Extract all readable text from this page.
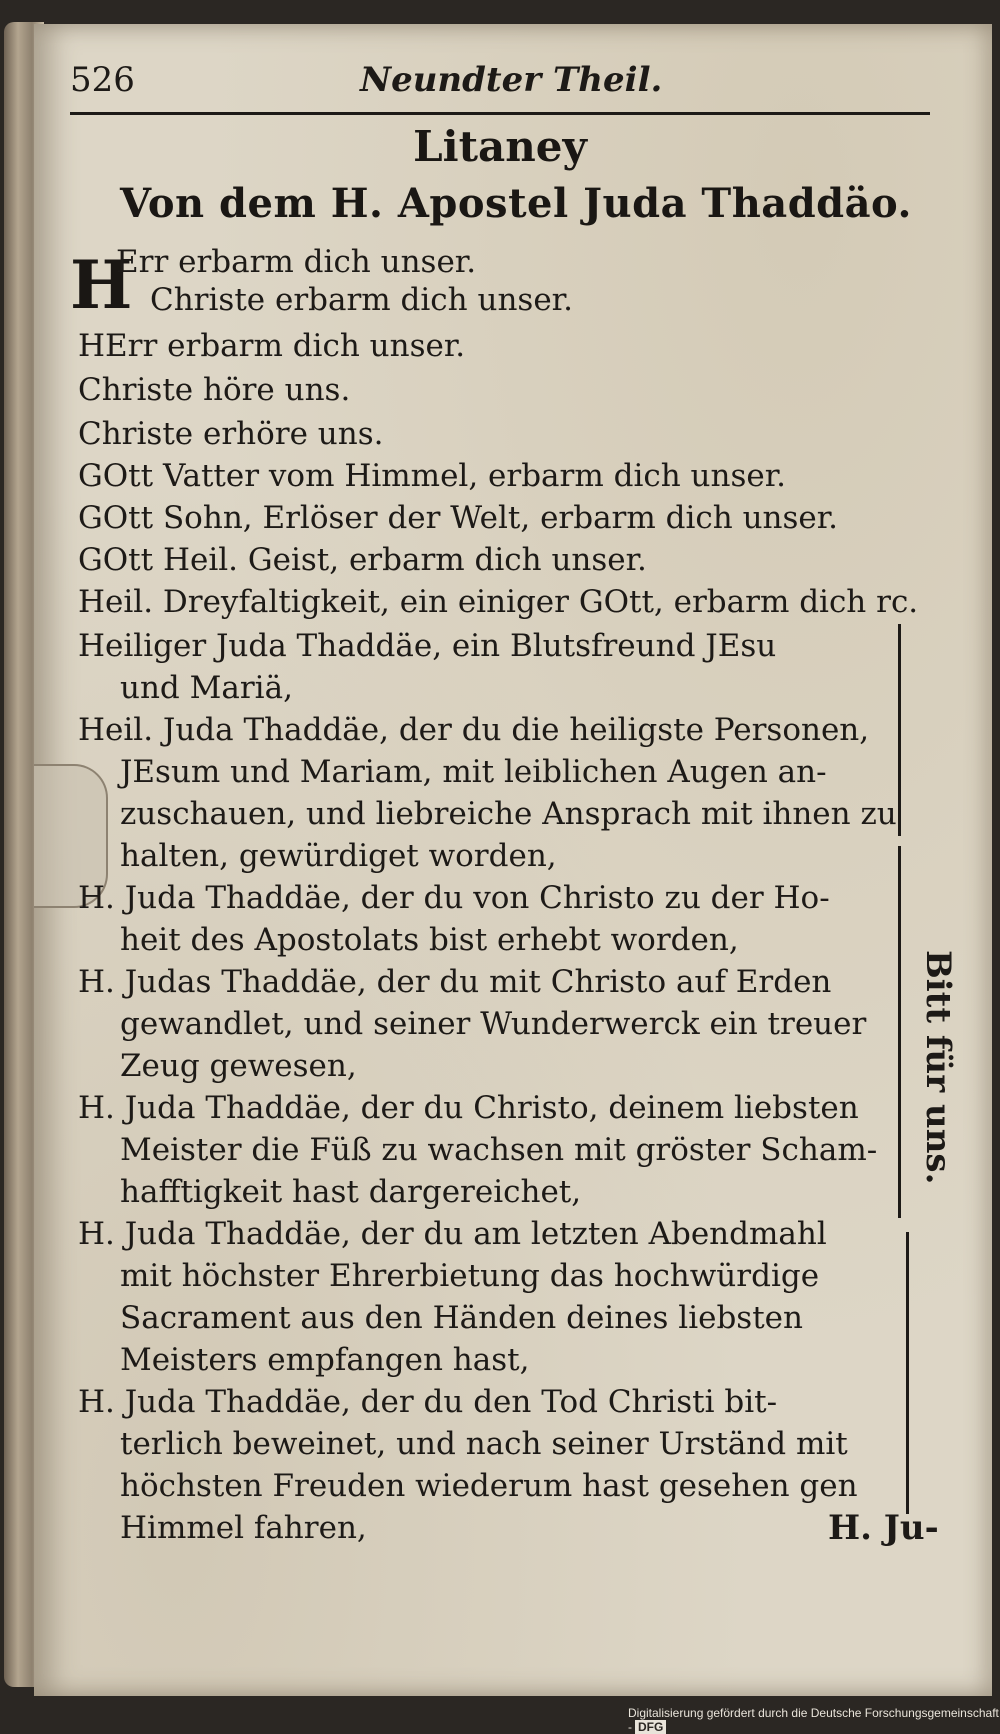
526	Neundter Theil.
Litaney
Von dem H. Apostel Juda Thaddäo.
H
Err erbarm dich unser.
Christe erbarm dich unser.
HErr erbarm dich unser.
Christe höre uns.
Christe erhöre uns.
GOtt Vatter vom Himmel, erbarm dich unser.
GOtt Sohn, Erlöser der Welt, erbarm dich unser.
GOtt Heil. Geist, erbarm dich unser.
Heil. Dreyfaltigkeit, ein einiger GOtt, erbarm dich rc.
Heiliger Juda Thaddäe, ein Blutsfreund JEsu
und Mariä,
Heil. Juda Thaddäe, der du die heiligste Personen,
JEsum und Mariam, mit leiblichen Augen an-
zuschauen, und liebreiche Ansprach mit ihnen zu
halten, gewürdiget worden,
H. Juda Thaddäe, der du von Christo zu der Ho-
heit des Apostolats bist erhebt worden,
H. Judas Thaddäe, der du mit Christo auf Erden
gewandlet, und seiner Wunderwerck ein treuer
Zeug gewesen,
H. Juda Thaddäe, der du Christo, deinem liebsten
Meister die Füß zu wachsen mit gröster Scham-
hafftigkeit hast dargereichet,
H. Juda Thaddäe, der du am letzten Abendmahl
mit höchster Ehrerbietung das hochwürdige
Sacrament aus den Händen deines liebsten
Meisters empfangen hast,
H. Juda Thaddäe, der du den Tod Christi bit-
terlich beweinet, und nach seiner Urständ mit
höchsten Freuden wiederum hast gesehen gen
Himmel fahren,
Bitt für uns.
H. Ju-
Digitalisierung gefördert durch die Deutsche Forschungsgemeinschaft - DFG
